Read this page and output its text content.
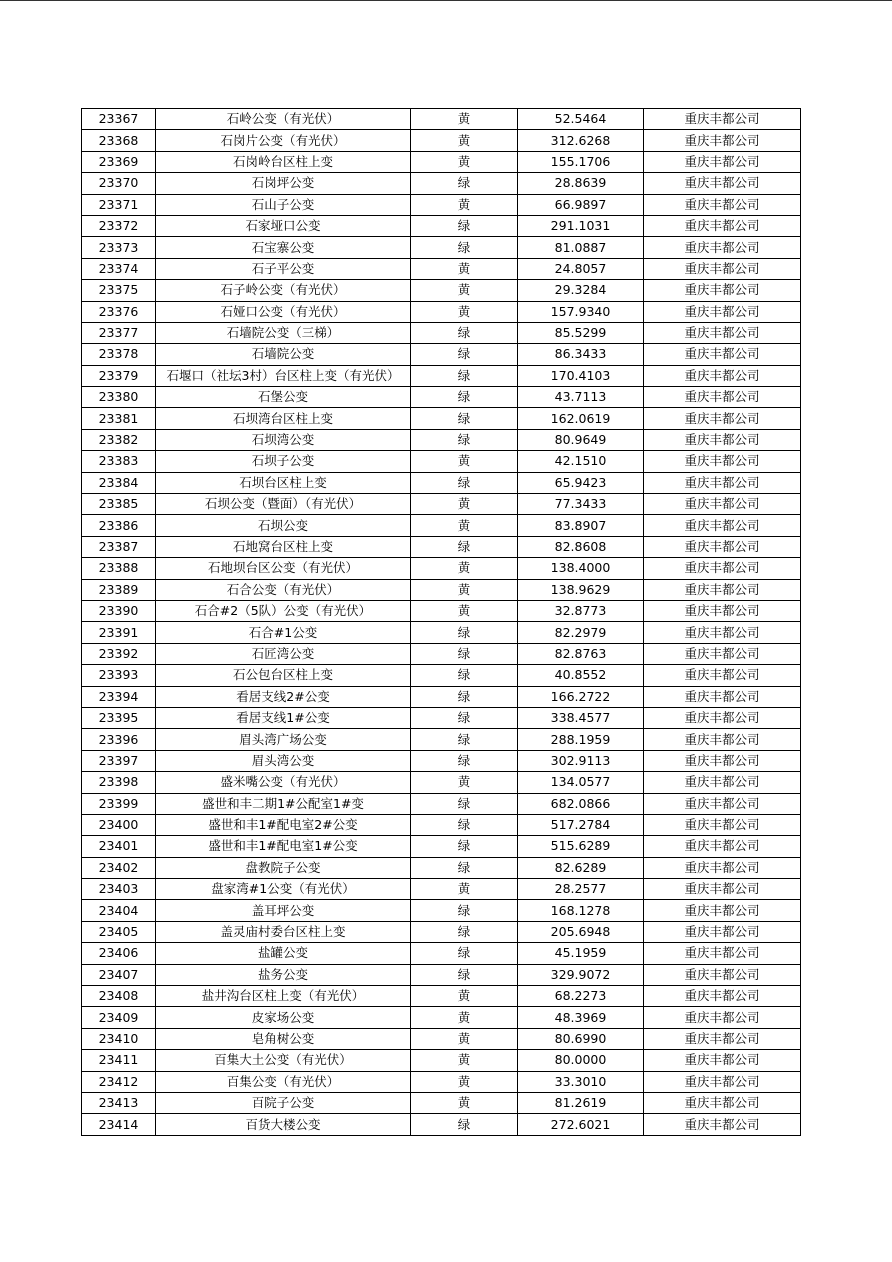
23367	石岭公变（有光伏）	黄	52.5464	重庆丰都公司
23368	石岗片公变（有光伏）	黄	312.6268	重庆丰都公司
23369	石岗岭台区柱上变	黄	155.1706	重庆丰都公司
23370	石岗坪公变	绿	28.8639	重庆丰都公司
23371	石山子公变	黄	66.9897	重庆丰都公司
23372	石家垭口公变	绿	291.1031	重庆丰都公司
23373	石宝寨公变	绿	81.0887	重庆丰都公司
23374	石子平公变	黄	24.8057	重庆丰都公司
23375	石子岭公变（有光伏）	黄	29.3284	重庆丰都公司
23376	石娅口公变（有光伏）	黄	157.9340	重庆丰都公司
23377	石墙院公变（三梯）	绿	85.5299	重庆丰都公司
23378	石墙院公变	绿	86.3433	重庆丰都公司
23379	石堰口（社坛3村）台区柱上变（有光伏）	绿	170.4103	重庆丰都公司
23380	石堡公变	绿	43.7113	重庆丰都公司
23381	石坝湾台区柱上变	绿	162.0619	重庆丰都公司
23382	石坝湾公变	绿	80.9649	重庆丰都公司
23383	石坝子公变	黄	42.1510	重庆丰都公司
23384	石坝台区柱上变	绿	65.9423	重庆丰都公司
23385	石坝公变（暨面）（有光伏）	黄	77.3433	重庆丰都公司
23386	石坝公变	黄	83.8907	重庆丰都公司
23387	石地窝台区柱上变	绿	82.8608	重庆丰都公司
23388	石地坝台区公变（有光伏）	黄	138.4000	重庆丰都公司
23389	石合公变（有光伏）	黄	138.9629	重庆丰都公司
23390	石合#2（5队）公变（有光伏）	黄	32.8773	重庆丰都公司
23391	石合#1公变	绿	82.2979	重庆丰都公司
23392	石匠湾公变	绿	82.8763	重庆丰都公司
23393	石公包台区柱上变	绿	40.8552	重庆丰都公司
23394	看居支线2#公变	绿	166.2722	重庆丰都公司
23395	看居支线1#公变	绿	338.4577	重庆丰都公司
23396	眉头湾广场公变	绿	288.1959	重庆丰都公司
23397	眉头湾公变	绿	302.9113	重庆丰都公司
23398	盛米嘴公变（有光伏）	黄	134.0577	重庆丰都公司
23399	盛世和丰二期1#公配室1#变	绿	682.0866	重庆丰都公司
23400	盛世和丰1#配电室2#公变	绿	517.2784	重庆丰都公司
23401	盛世和丰1#配电室1#公变	绿	515.6289	重庆丰都公司
23402	盘教院子公变	绿	82.6289	重庆丰都公司
23403	盘家湾#1公变（有光伏）	黄	28.2577	重庆丰都公司
23404	盖耳坪公变	绿	168.1278	重庆丰都公司
23405	盖灵庙村委台区柱上变	绿	205.6948	重庆丰都公司
23406	盐罐公变	绿	45.1959	重庆丰都公司
23407	盐务公变	绿	329.9072	重庆丰都公司
23408	盐井沟台区柱上变（有光伏）	黄	68.2273	重庆丰都公司
23409	皮家场公变	黄	48.3969	重庆丰都公司
23410	皂角树公变	黄	80.6990	重庆丰都公司
23411	百集大土公变（有光伏）	黄	80.0000	重庆丰都公司
23412	百集公变（有光伏）	黄	33.3010	重庆丰都公司
23413	百院子公变	黄	81.2619	重庆丰都公司
23414	百货大楼公变	绿	272.6021	重庆丰都公司
